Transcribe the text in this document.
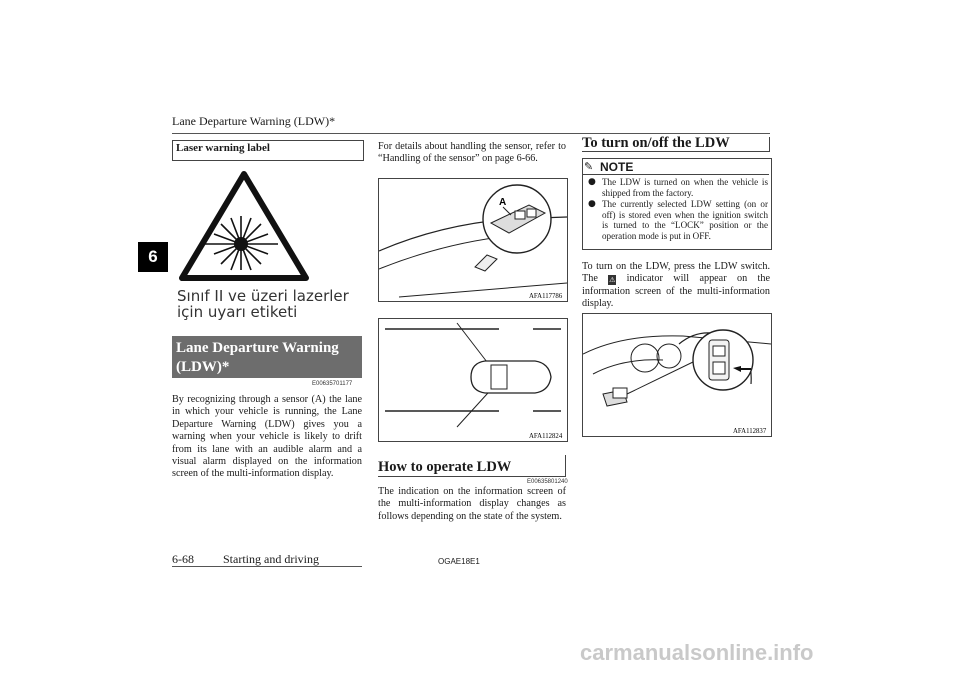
Lane Departure Warning (LDW)*
6
Laser warning label
Sınıf II ve üzeri lazerler
için uyarı etiketi
Lane Departure Warning (LDW)*
E00635701177
By recognizing through a sensor (A) the lane in which your vehicle is running, the Lane Departure Warning (LDW) gives you a warning when your vehicle is likely to drift from its lane with an audible alarm and a visual alarm displayed on the information screen of the multi-information display.
For details about handling the sensor, refer to “Handling of the sensor” on page 6-66.
A
AFA117786
AFA112824
How to operate LDW
E00635801240
The indication on the information screen of the multi-information display changes as follows depending on the state of the system.
To turn on/off the LDW
✎ NOTE
● The LDW is turned on when the vehicle is shipped from the factory.
● The currently selected LDW setting (on or off) is stored even when the ignition switch is turned to the “LOCK” position or the operation mode is put in OFF.
To turn on the LDW, press the LDW switch. The ⚠ indicator will appear on the information screen of the multi-information display.
AFA112837
6-68 Starting and driving	OGAE18E1
carmanualsonline.info
